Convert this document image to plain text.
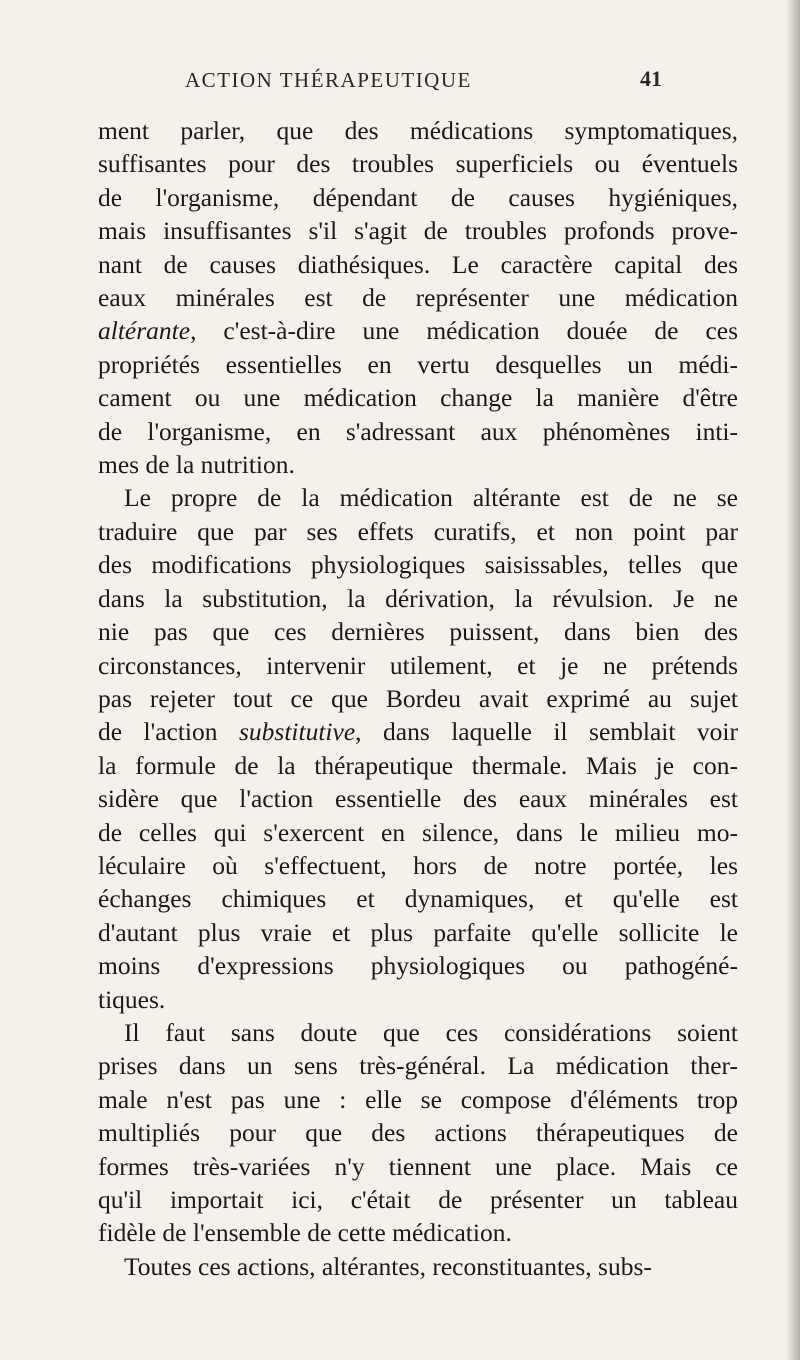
ACTION THÉRAPEUTIQUE	41
ment parler, que des médications symptomatiques,
suffisantes pour des troubles superficiels ou éventuels
de l'organisme, dépendant de causes hygiéniques,
mais insuffisantes s'il s'agit de troubles profonds prove-
nant de causes diathésiques. Le caractère capital des
eaux minérales est de représenter une médication
altérante, c'est-à-dire une médication douée de ces
propriétés essentielles en vertu desquelles un médi-
cament ou une médication change la manière d'être
de l'organisme, en s'adressant aux phénomènes inti-
mes de la nutrition.
Le propre de la médication altérante est de ne se
traduire que par ses effets curatifs, et non point par
des modifications physiologiques saisissables, telles que
dans la substitution, la dérivation, la révulsion. Je ne
nie pas que ces dernières puissent, dans bien des
circonstances, intervenir utilement, et je ne prétends
pas rejeter tout ce que Bordeu avait exprimé au sujet
de l'action substitutive, dans laquelle il semblait voir
la formule de la thérapeutique thermale. Mais je con-
sidère que l'action essentielle des eaux minérales est
de celles qui s'exercent en silence, dans le milieu mo-
léculaire où s'effectuent, hors de notre portée, les
échanges chimiques et dynamiques, et qu'elle est
d'autant plus vraie et plus parfaite qu'elle sollicite le
moins d'expressions physiologiques ou pathogéné-
tiques.
Il faut sans doute que ces considérations soient
prises dans un sens très-général. La médication ther-
male n'est pas une : elle se compose d'éléments trop
multipliés pour que des actions thérapeutiques de
formes très-variées n'y tiennent une place. Mais ce
qu'il importait ici, c'était de présenter un tableau
fidèle de l'ensemble de cette médication.
Toutes ces actions, altérantes, reconstituantes, subs-
